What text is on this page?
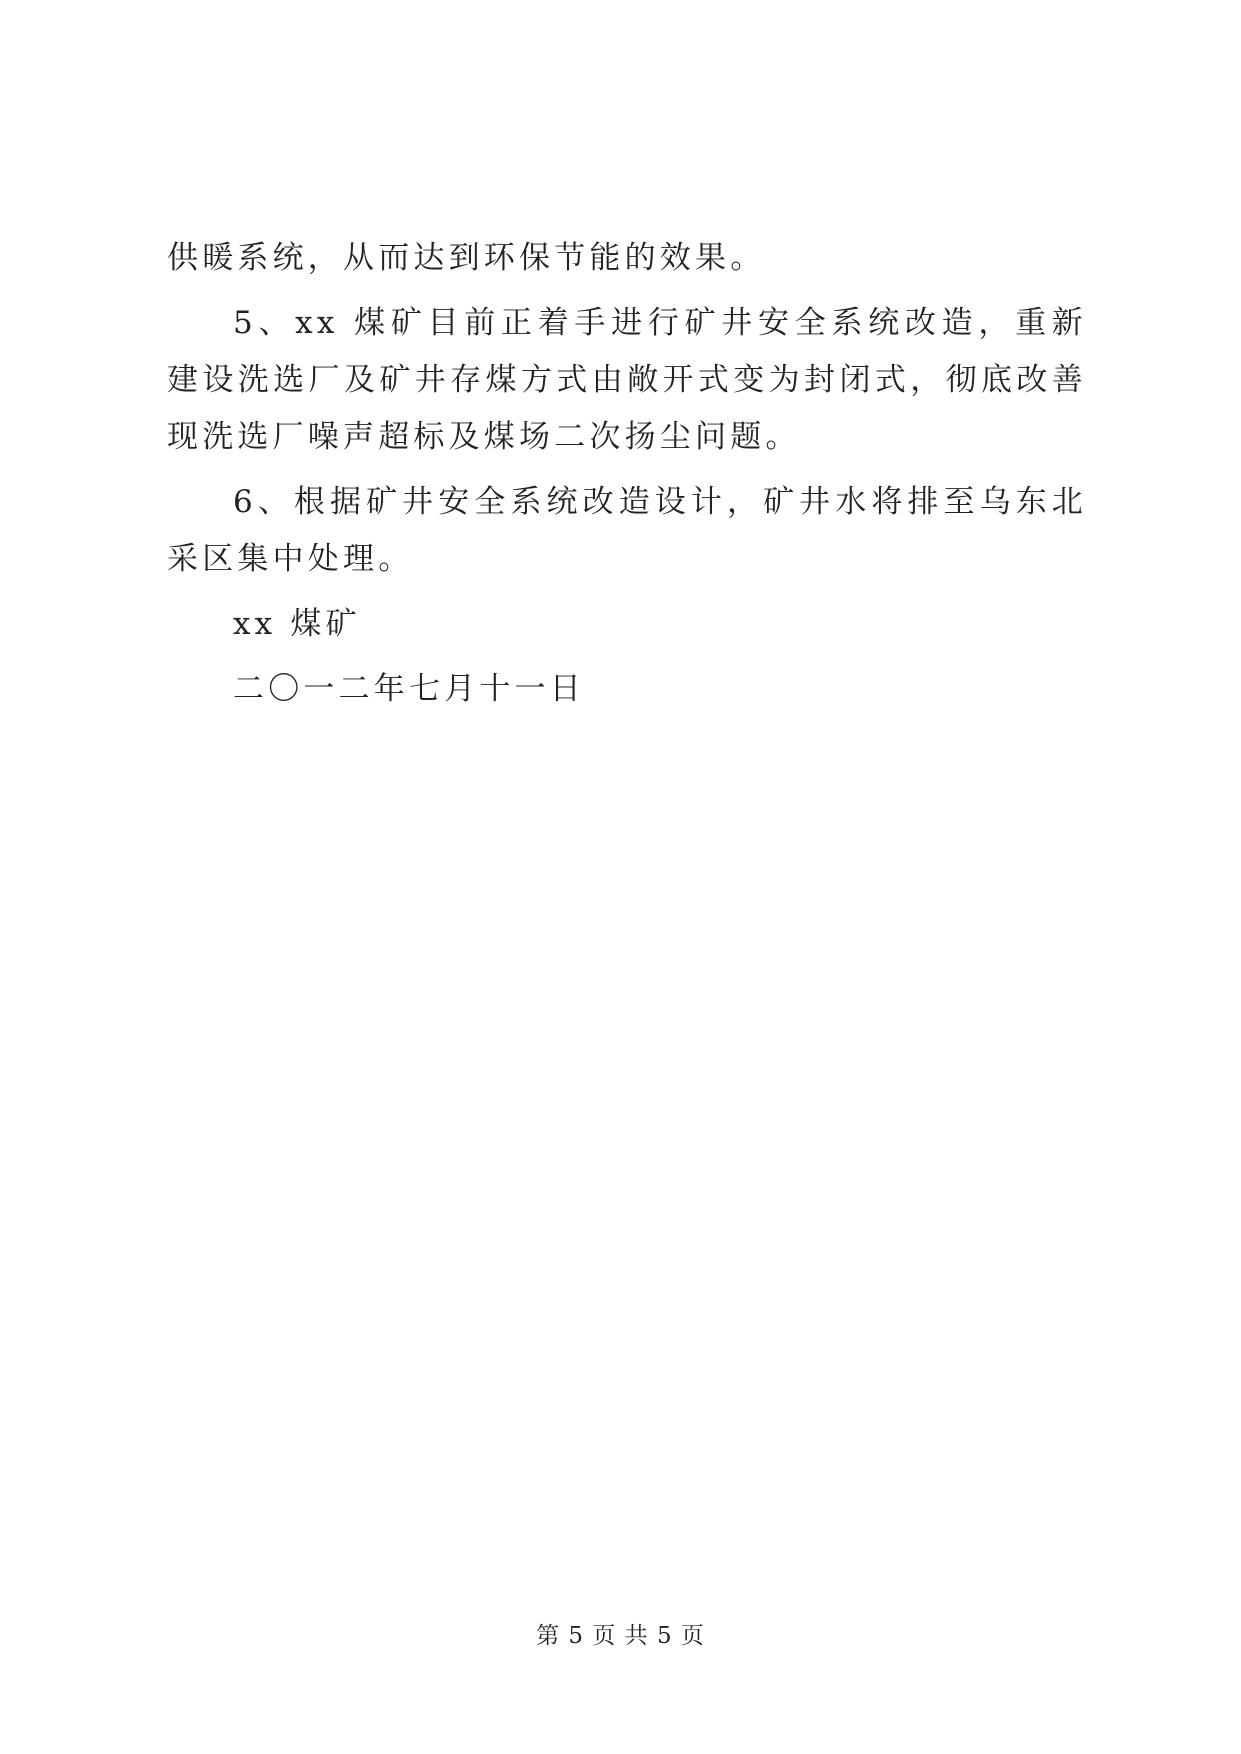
供暖系统，从而达到环保节能的效果。

5、xx 煤矿目前正着手进行矿井安全系统改造，重新建设洗选厂及矿井存煤方式由敞开式变为封闭式，彻底改善现洗选厂噪声超标及煤场二次扬尘问题。

6、根据矿井安全系统改造设计，矿井水将排至乌东北采区集中处理。

xx 煤矿

二〇一二年七月十一日

第 5 页 共 5 页
